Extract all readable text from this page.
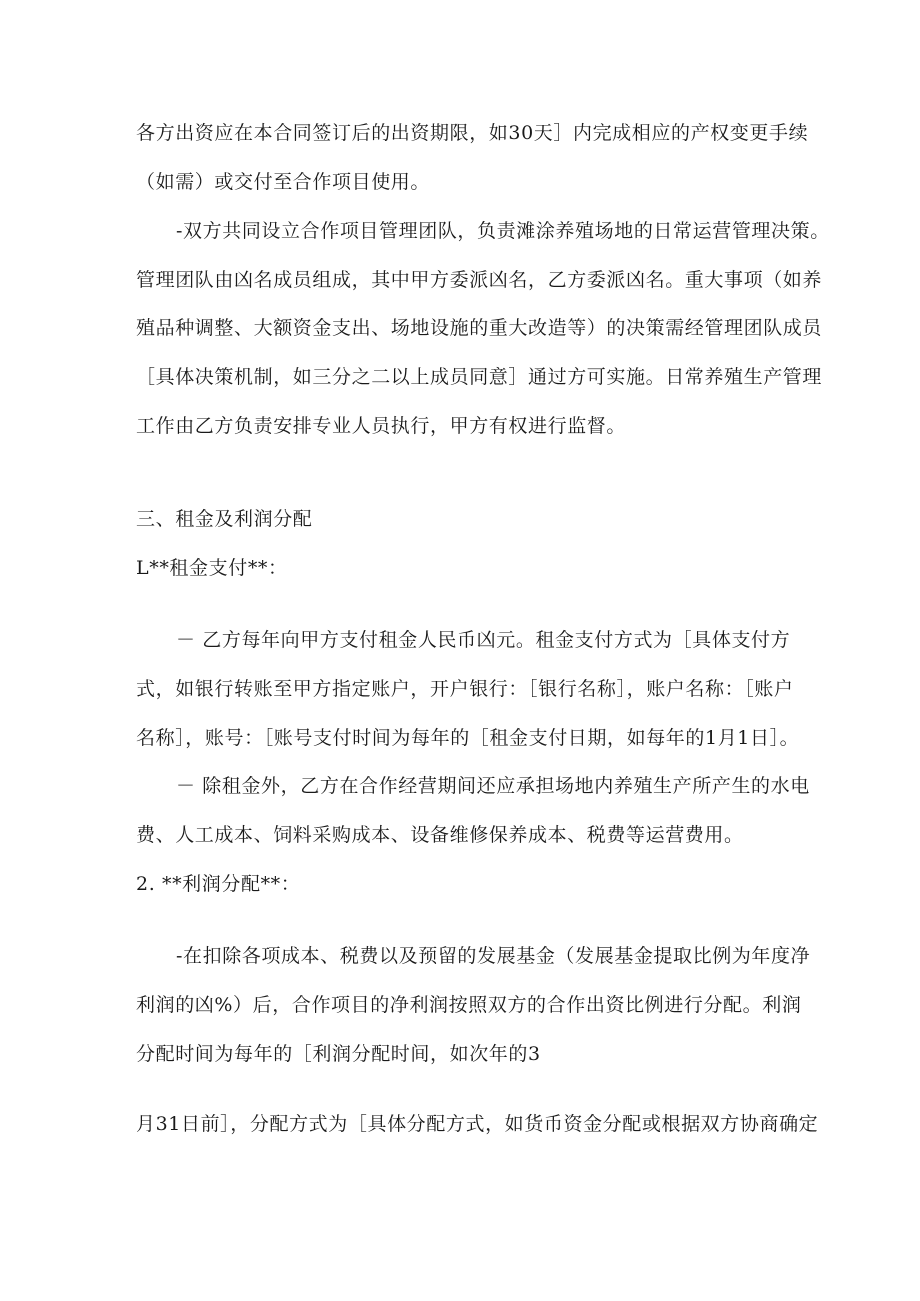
各方出资应在本合同签订后的出资期限，如30天］内完成相应的产权变更手续
（如需）或交付至合作项目使用。
-双方共同设立合作项目管理团队，负责滩涂养殖场地的日常运营管理决策。
管理团队由凶名成员组成，其中甲方委派凶名，乙方委派凶名。重大事项（如养
殖品种调整、大额资金支出、场地设施的重大改造等）的决策需经管理团队成员
［具体决策机制，如三分之二以上成员同意］通过方可实施。日常养殖生产管理
工作由乙方负责安排专业人员执行，甲方有权进行监督。
三、租金及利润分配
L**租金支付**：
－ 乙方每年向甲方支付租金人民币凶元。租金支付方式为［具体支付方
式，如银行转账至甲方指定账户，开户银行：［银行名称］，账户名称：［账户
名称］，账号：［账号支付时间为每年的［租金支付日期，如每年的1月1日］。
－ 除租金外，乙方在合作经营期间还应承担场地内养殖生产所产生的水电
费、人工成本、饲料采购成本、设备维修保养成本、税费等运营费用。
2. **利润分配**：
-在扣除各项成本、税费以及预留的发展基金（发展基金提取比例为年度净
利润的凶%）后，合作项目的净利润按照双方的合作出资比例进行分配。利润
分配时间为每年的［利润分配时间，如次年的3
月31日前］，分配方式为［具体分配方式，如货币资金分配或根据双方协商确定
